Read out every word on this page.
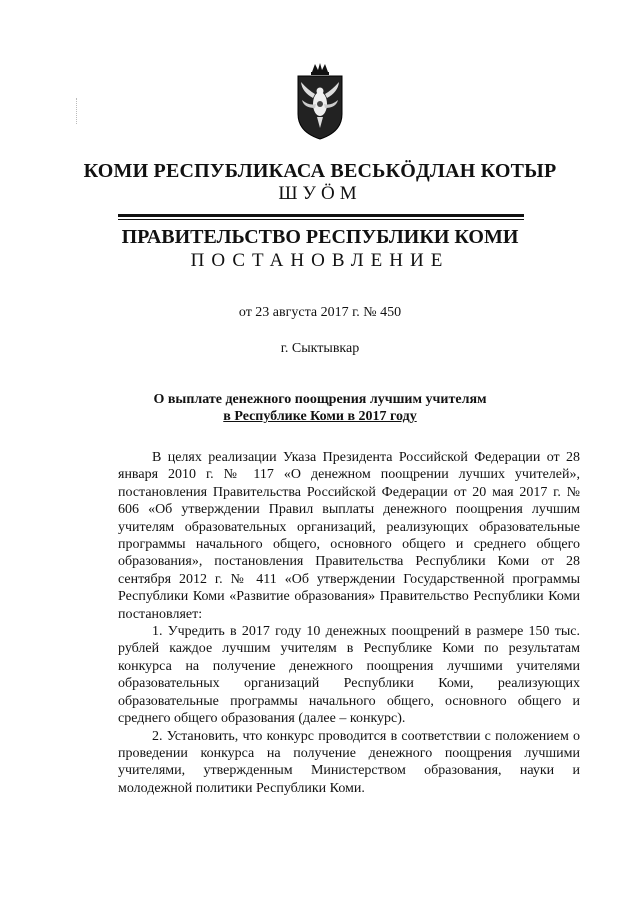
КОМИ РЕСПУБЛИКАСА ВЕСЬКÖДЛАН КОТЫР
ШУÖМ
ПРАВИТЕЛЬСТВО РЕСПУБЛИКИ КОМИ
ПОСТАНОВЛЕНИЕ
от 23 августа 2017 г. № 450
г. Сыктывкар
О выплате денежного поощрения лучшим учителям
в Республике Коми в 2017 году

В целях реализации Указа Президента Российской Федерации от 28 января 2010 г. № 117 «О денежном поощрении лучших учителей», постановления Правительства Российской Федерации от 20 мая 2017 г. № 606 «Об утверждении Правил выплаты денежного поощрения лучшим учителям образовательных организаций, реализующих образовательные программы начального общего, основного общего и среднего общего образования», постановления Правительства Республики Коми от 28 сентября 2012 г. № 411 «Об утверждении Государственной программы Республики Коми «Развитие образования» Правительство Республики Коми постановляет:

1. Учредить в 2017 году 10 денежных поощрений в размере 150 тыс. рублей каждое лучшим учителям в Республике Коми по результатам конкурса на получение денежного поощрения лучшими учителями образовательных организаций Республики Коми, реализующих образовательные программы начального общего, основного общего и среднего общего образования (далее – конкурс).

2. Установить, что конкурс проводится в соответствии с положением о проведении конкурса на получение денежного поощрения лучшими учителями, утвержденным Министерством образования, науки и молодежной политики Республики Коми.
